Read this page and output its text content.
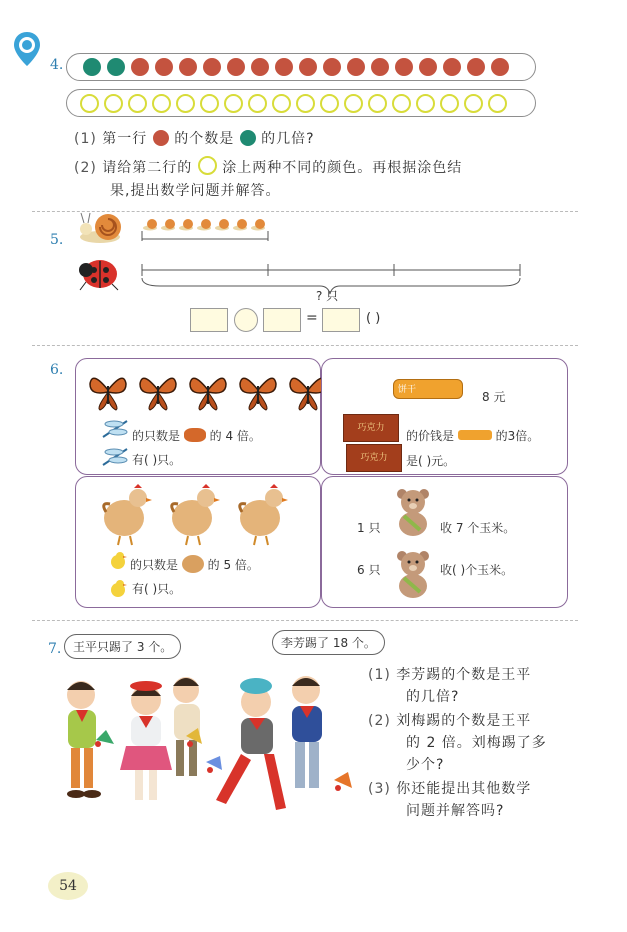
4.
(1) 第一行 的个数是 的几倍?
(2) 请给第二行的 涂上两种不同的颜色。再根据涂色结
果,提出数学问题并解答。
5.
? 只
=	( )
6.
的只数是 的 4 倍。
有( )只。
饼干	8 元
巧克力
巧克力
的价钱是	的3倍。
是( )元。
的只数是 的 5 倍。
有( )只。
1 只	收 7 个玉米。
6 只	收( )个玉米。
7. 王平只踢了 3 个。	李芳踢了 18 个。
(1) 李芳踢的个数是王平
的几倍?
(2) 刘梅踢的个数是王平
的 2 倍。刘梅踢了多
少个?
(3) 你还能提出其他数学
问题并解答吗?
54
